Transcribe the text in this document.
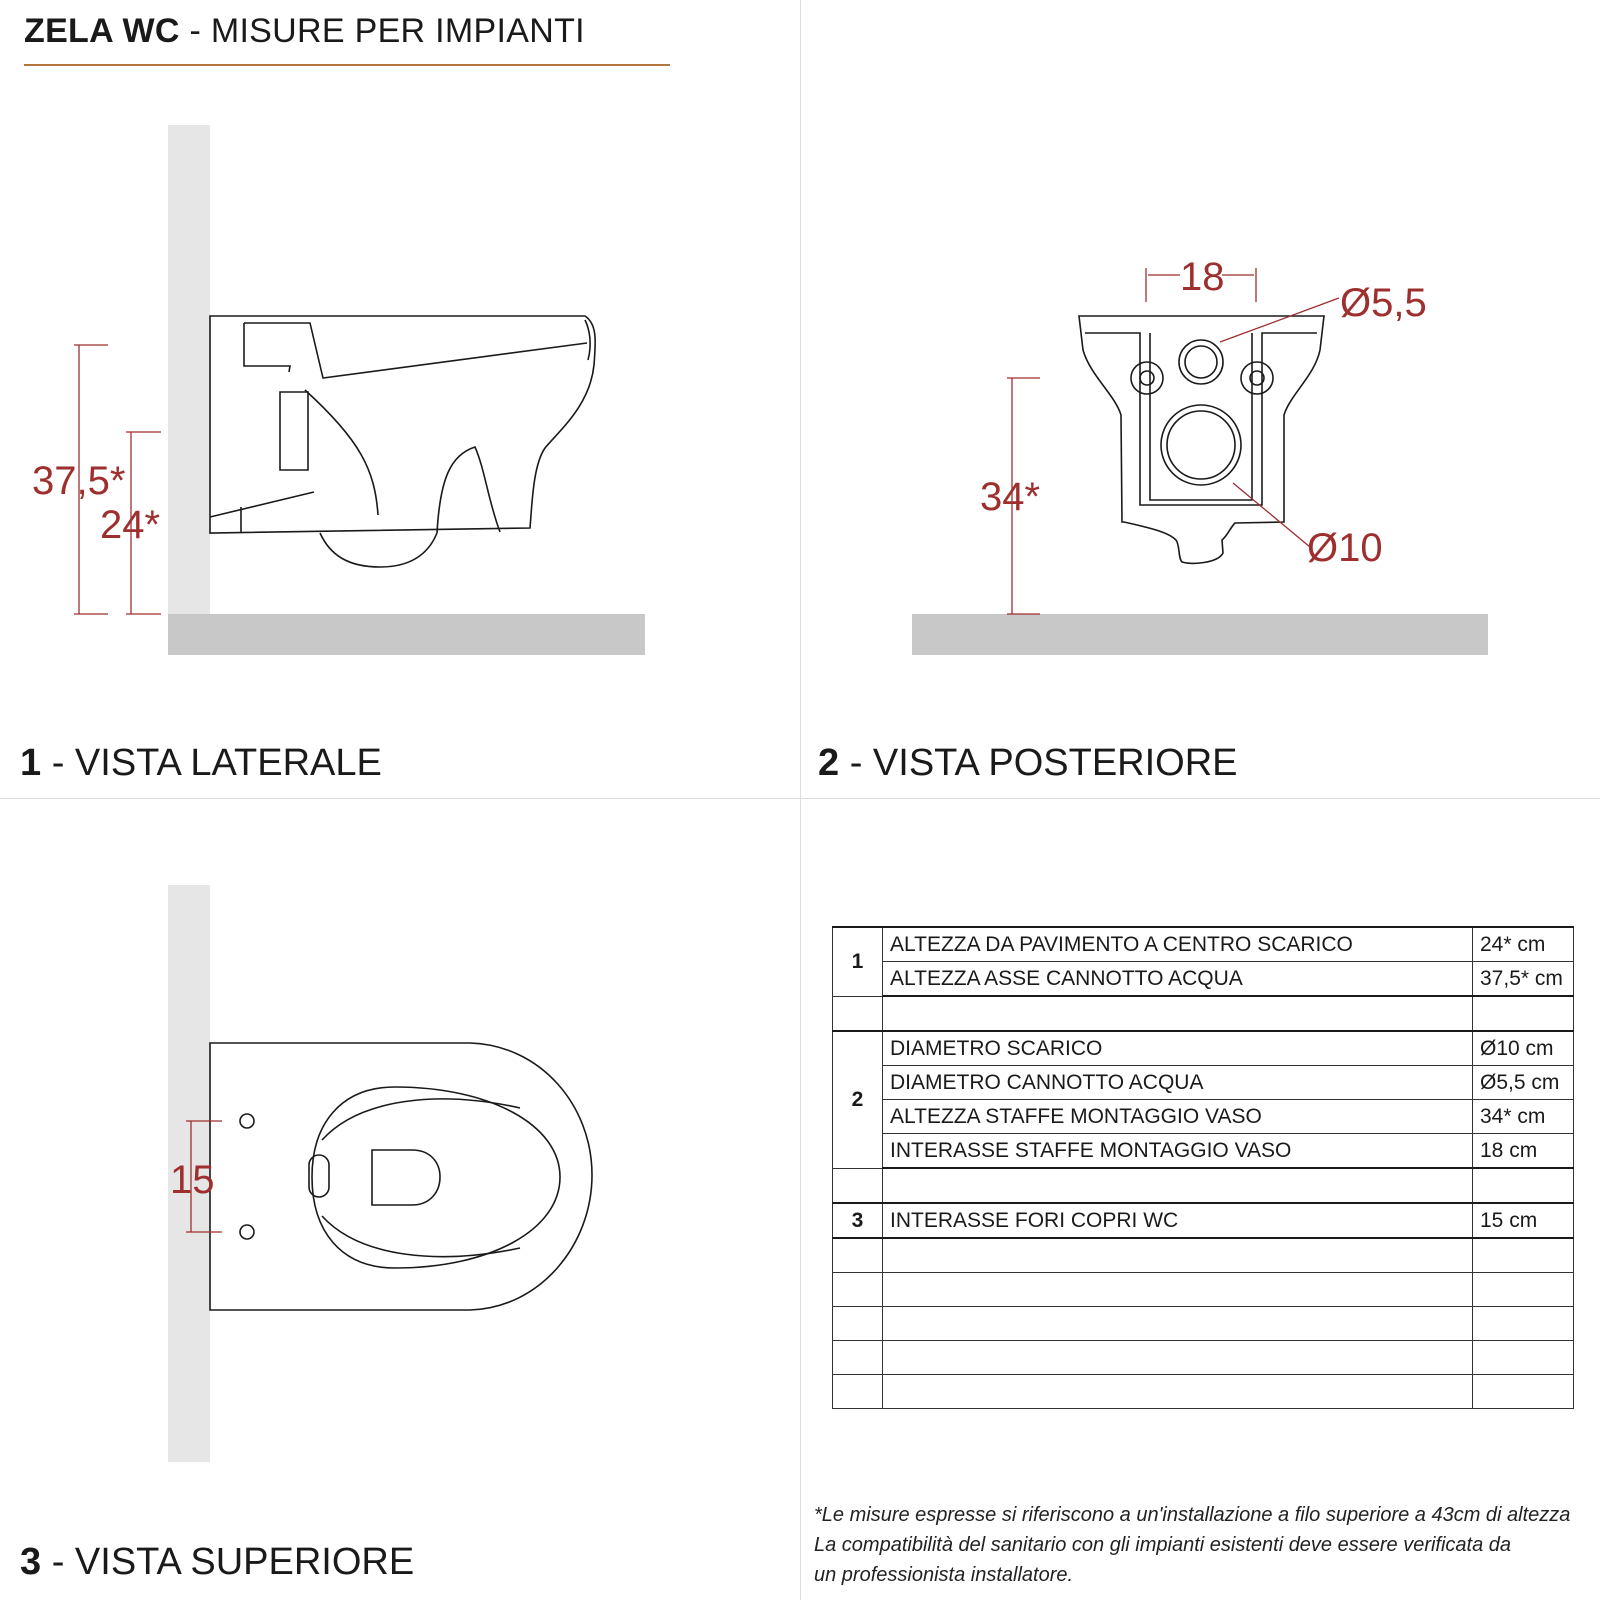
ZELA WC - MISURE PER IMPIANTI
37,5*
24*
18
Ø5,5
Ø10
34*
15
1 - VISTA LATERALE	2 - VISTA POSTERIORE
3 - VISTA SUPERIORE
1	ALTEZZA DA PAVIMENTO A CENTRO SCARICO	24* cm
	ALTEZZA ASSE CANNOTTO ACQUA	37,5* cm

2	DIAMETRO SCARICO	Ø10 cm
	DIAMETRO CANNOTTO ACQUA	Ø5,5 cm
	ALTEZZA STAFFE MONTAGGIO VASO	34* cm
	INTERASSE STAFFE MONTAGGIO VASO	18 cm

3	INTERASSE FORI COPRI WC	15 cm

*Le misure espresse si riferiscono a un'installazione a filo superiore a 43cm di altezza
La compatibilità del sanitario con gli impianti esistenti deve essere verificata da
un professionista installatore.
